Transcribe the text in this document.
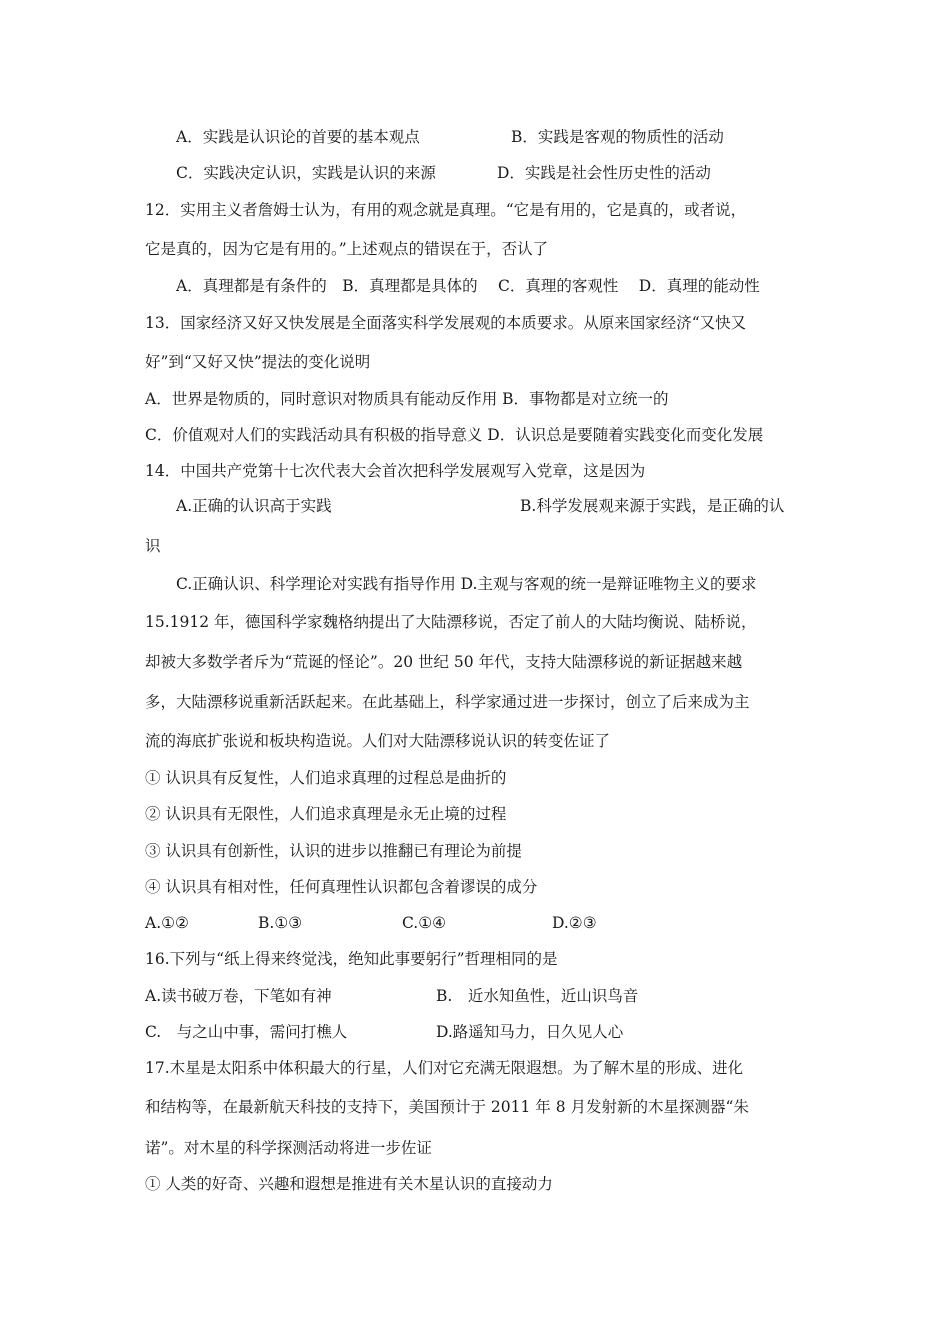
A．实践是认识论的首要的基本观点	B．实践是客观的物质性的活动
C．实践决定认识，实践是认识的来源	D．实践是社会性历史性的活动
12．实用主义者詹姆士认为，有用的观念就是真理。“它是有用的，它是真的，或者说，
它是真的，因为它是有用的。”上述观点的错误在于，否认了
A．真理都是有条件的　B．真理都是具体的　 C．真理的客观性　 D．真理的能动性
13．国家经济又好又快发展是全面落实科学发展观的本质要求。从原来国家经济“又快又
好”到“又好又快”提法的变化说明
A．世界是物质的，同时意识对物质具有能动反作用 B．事物都是对立统一的
C．价值观对人们的实践活动具有积极的指导意义 D．认识总是要随着实践变化而变化发展
14．中国共产党第十七次代表大会首次把科学发展观写入党章，这是因为
A.正确的认识高于实践	B.科学发展观来源于实践，是正确的认
识
C.正确认识、科学理论对实践有指导作用 D.主观与客观的统一是辩证唯物主义的要求
15.1912 年，德国科学家魏格纳提出了大陆漂移说，否定了前人的大陆均衡说、陆桥说，
却被大多数学者斥为“荒诞的怪论”。20 世纪 50 年代，支持大陆漂移说的新证据越来越
多，大陆漂移说重新活跃起来。在此基础上，科学家通过进一步探讨，创立了后来成为主
流的海底扩张说和板块构造说。人们对大陆漂移说认识的转变佐证了
① 认识具有反复性，人们追求真理的过程总是曲折的
② 认识具有无限性，人们追求真理是永无止境的过程
③ 认识具有创新性，认识的进步以推翻已有理论为前提
④ 认识具有相对性，任何真理性认识都包含着谬误的成分
A.①②	B.①③	C.①④	D.②③
16.下列与“纸上得来终觉浅，绝知此事要躬行”哲理相同的是
A.读书破万卷，下笔如有神	B.　近水知鱼性，近山识鸟音
C.　与之山中事，需问打樵人	D.路遥知马力，日久见人心
17.木星是太阳系中体积最大的行星，人们对它充满无限遐想。为了解木星的形成、进化
和结构等，在最新航天科技的支持下，美国预计于 2011 年 8 月发射新的木星探测器“朱
诺”。对木星的科学探测活动将进一步佐证
① 人类的好奇、兴趣和遐想是推进有关木星认识的直接动力
